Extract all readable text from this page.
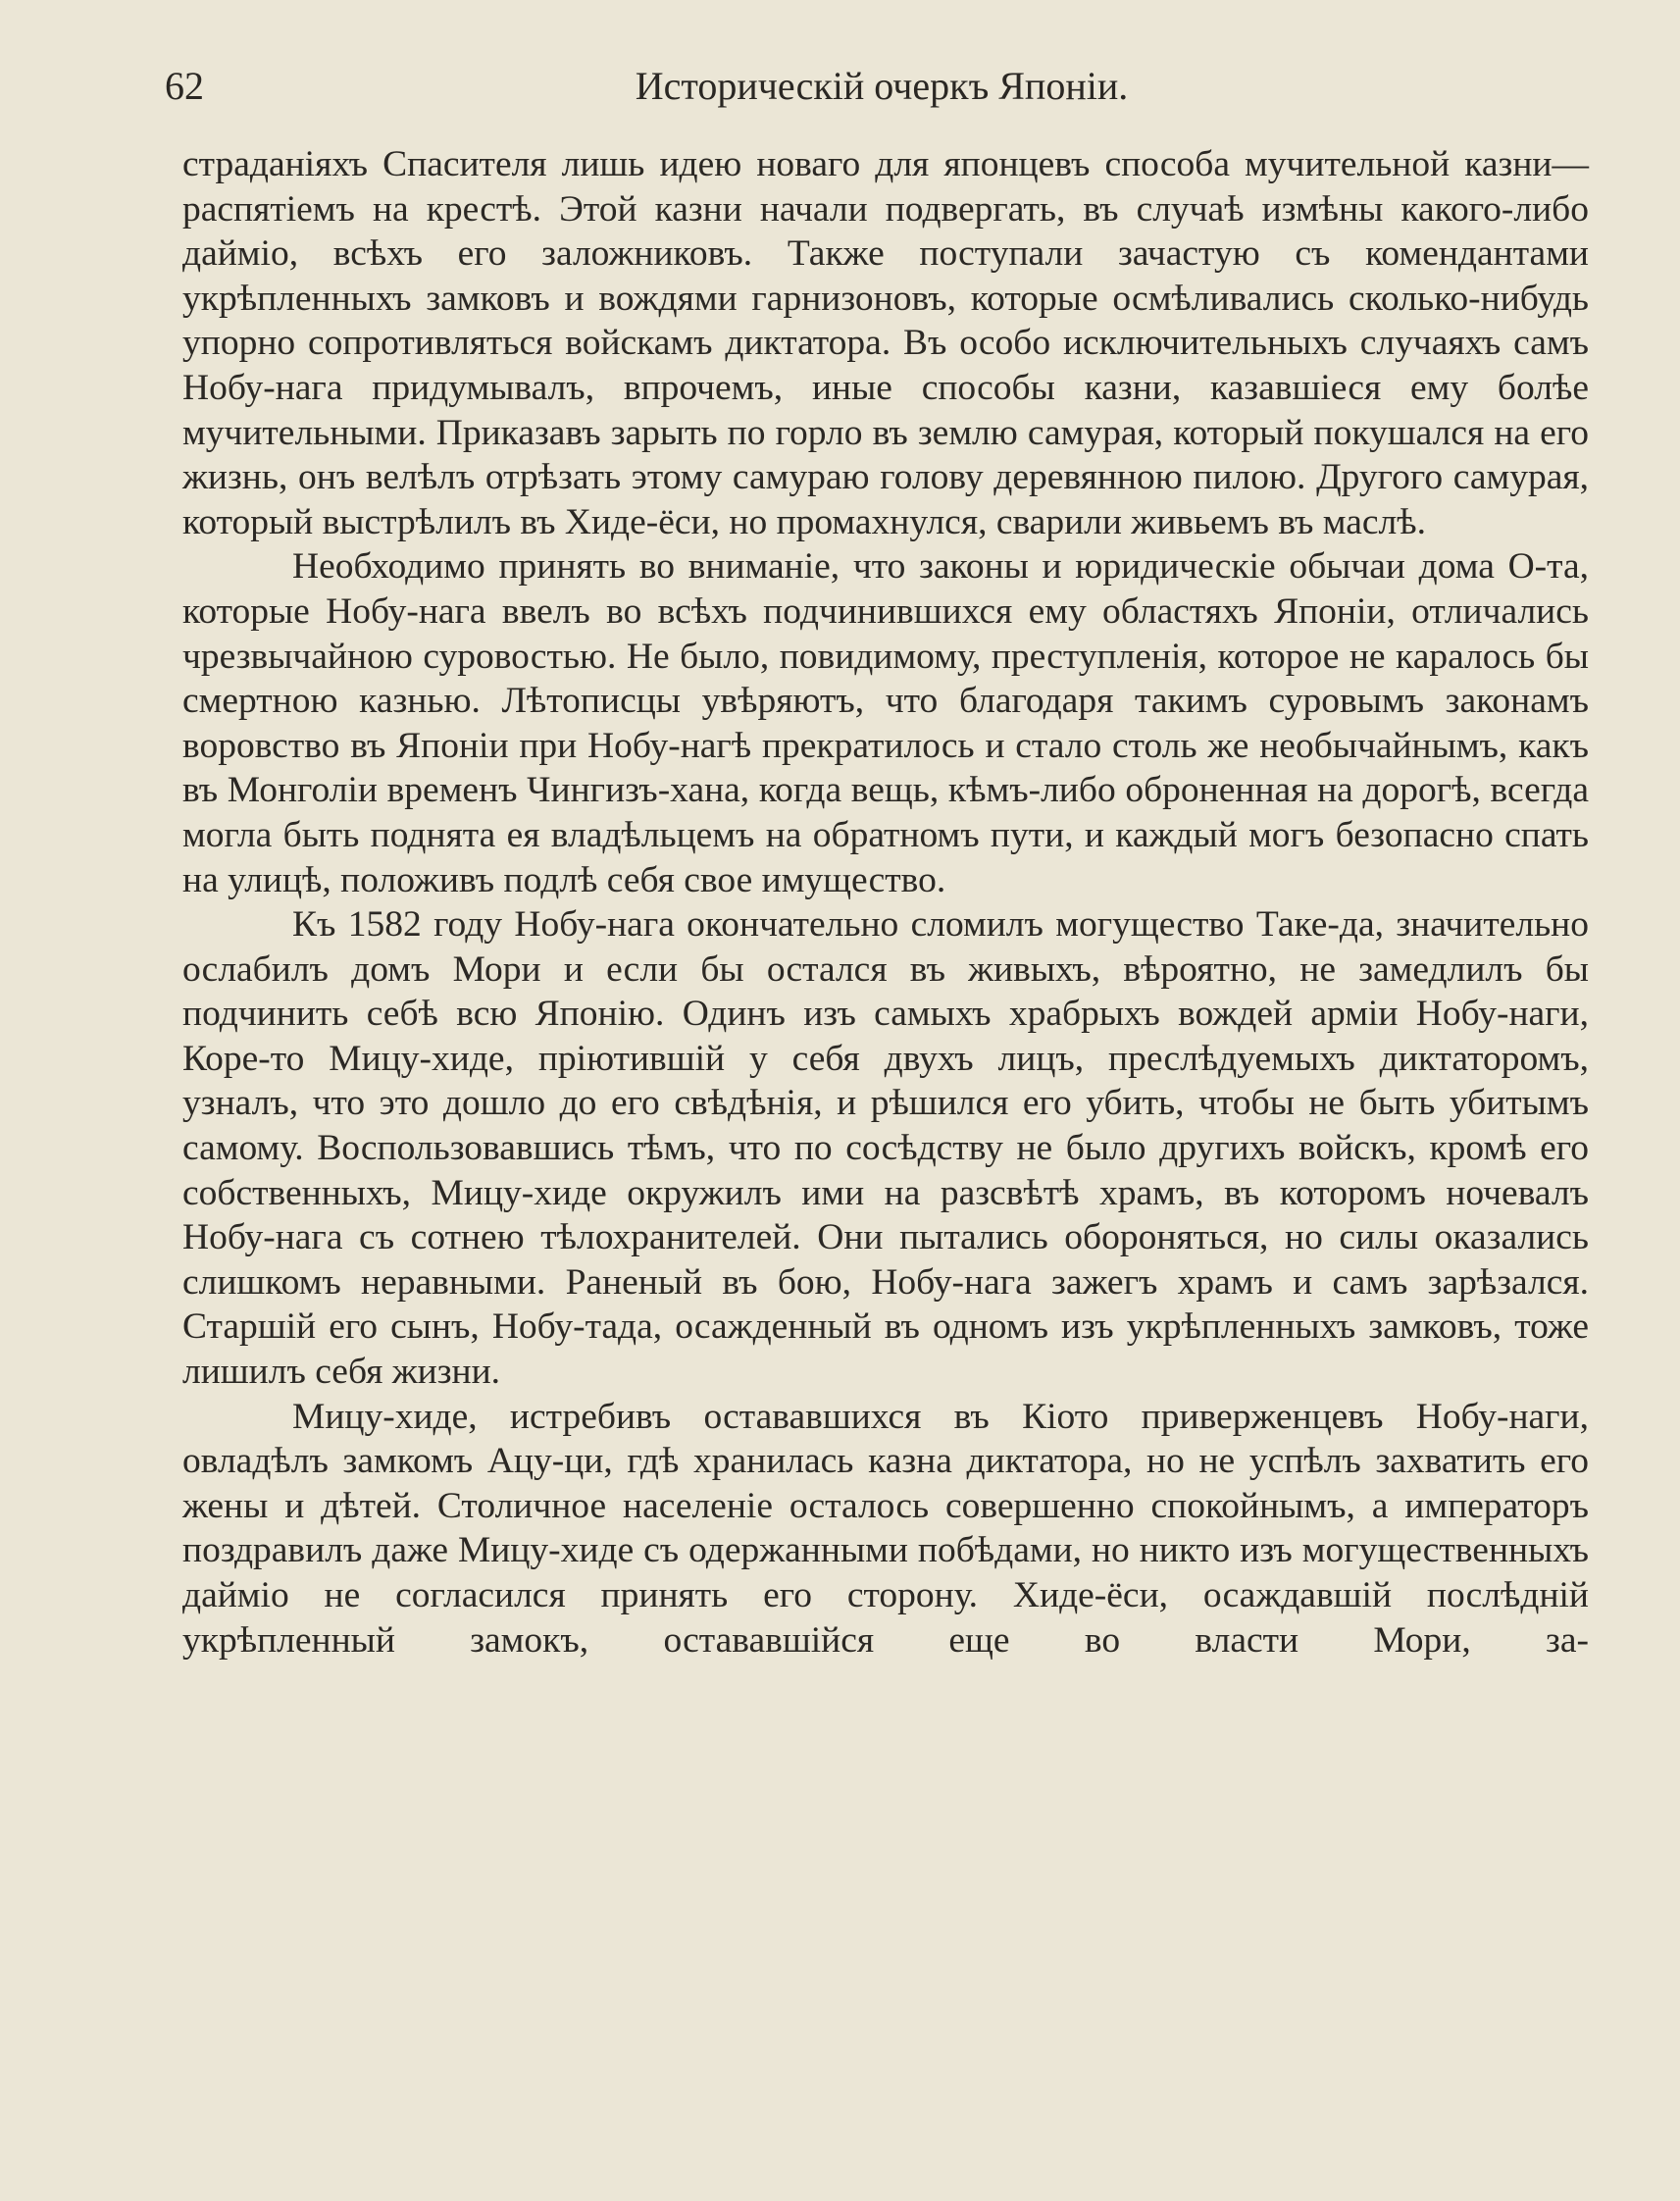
62	Историческій очеркъ Японіи.

страданіяхъ Спасителя лишь идею новаго для японцевъ способа мучительной казни—распятіемъ на крестѣ. Этой казни начали подвергать, въ случаѣ измѣны какого-либо дайміо, всѣхъ его заложниковъ. Также поступали зачастую съ комендантами укрѣпленныхъ замковъ и вождями гарнизоновъ, которые осмѣливались сколько-нибудь упорно сопротивляться войскамъ диктатора. Въ особо исключительныхъ случаяхъ самъ Нобу-нага придумывалъ, впрочемъ, иные способы казни, казавшіеся ему болѣе мучительными. Приказавъ зарыть по горло въ землю самурая, который покушался на его жизнь, онъ велѣлъ отрѣзать этому самураю голову деревянною пилою. Другого самурая, который выстрѣлилъ въ Хиде-ёси, но промахнулся, сварили живьемъ въ маслѣ.

Необходимо принять во вниманіе, что законы и юридическіе обычаи дома О-та, которые Нобу-нага ввелъ во всѣхъ подчинившихся ему областяхъ Японіи, отличались чрезвычайною суровостью. Не было, повидимому, преступленія, которое не каралось бы смертною казнью. Лѣтописцы увѣряютъ, что благодаря такимъ суровымъ законамъ воровство въ Японіи при Нобу-нагѣ прекратилось и стало столь же необычайнымъ, какъ въ Монголіи временъ Чингизъ-хана, когда вещь, кѣмъ-либо оброненная на дорогѣ, всегда могла быть поднята ея владѣльцемъ на обратномъ пути, и каждый могъ безопасно спать на улицѣ, положивъ подлѣ себя свое имущество.

Къ 1582 году Нобу-нага окончательно сломилъ могущество Таке-да, значительно ослабилъ домъ Мори и если бы остался въ живыхъ, вѣроятно, не замедлилъ бы подчинить себѣ всю Японію. Одинъ изъ самыхъ храбрыхъ вождей арміи Нобу-наги, Коре-то Мицу-хиде, пріютившій у себя двухъ лицъ, преслѣдуемыхъ диктаторомъ, узналъ, что это дошло до его свѣдѣнія, и рѣшился его убить, чтобы не быть убитымъ самому. Воспользовавшись тѣмъ, что по сосѣдству не было другихъ войскъ, кромѣ его собственныхъ, Мицу-хиде окружилъ ими на разсвѣтѣ храмъ, въ которомъ ночевалъ Нобу-нага съ сотнею тѣлохранителей. Они пытались обороняться, но силы оказались слишкомъ неравными. Раненый въ бою, Нобу-нага зажегъ храмъ и самъ зарѣзался. Старшій его сынъ, Нобу-тада, осажденный въ одномъ изъ укрѣпленныхъ замковъ, тоже лишилъ себя жизни.

Мицу-хиде, истребивъ остававшихся въ Кіото приверженцевъ Нобу-наги, овладѣлъ замкомъ Ацу-ци, гдѣ хранилась казна диктатора, но не успѣлъ захватить его жены и дѣтей. Столичное населеніе осталось совершенно спокойнымъ, а императоръ поздравилъ даже Мицу-хиде съ одержанными побѣдами, но никто изъ могущественныхъ дайміо не согласился принять его сторону. Хиде-ёси, осаждавшій послѣдній укрѣпленный замокъ, остававшійся еще во власти Мори, за-
